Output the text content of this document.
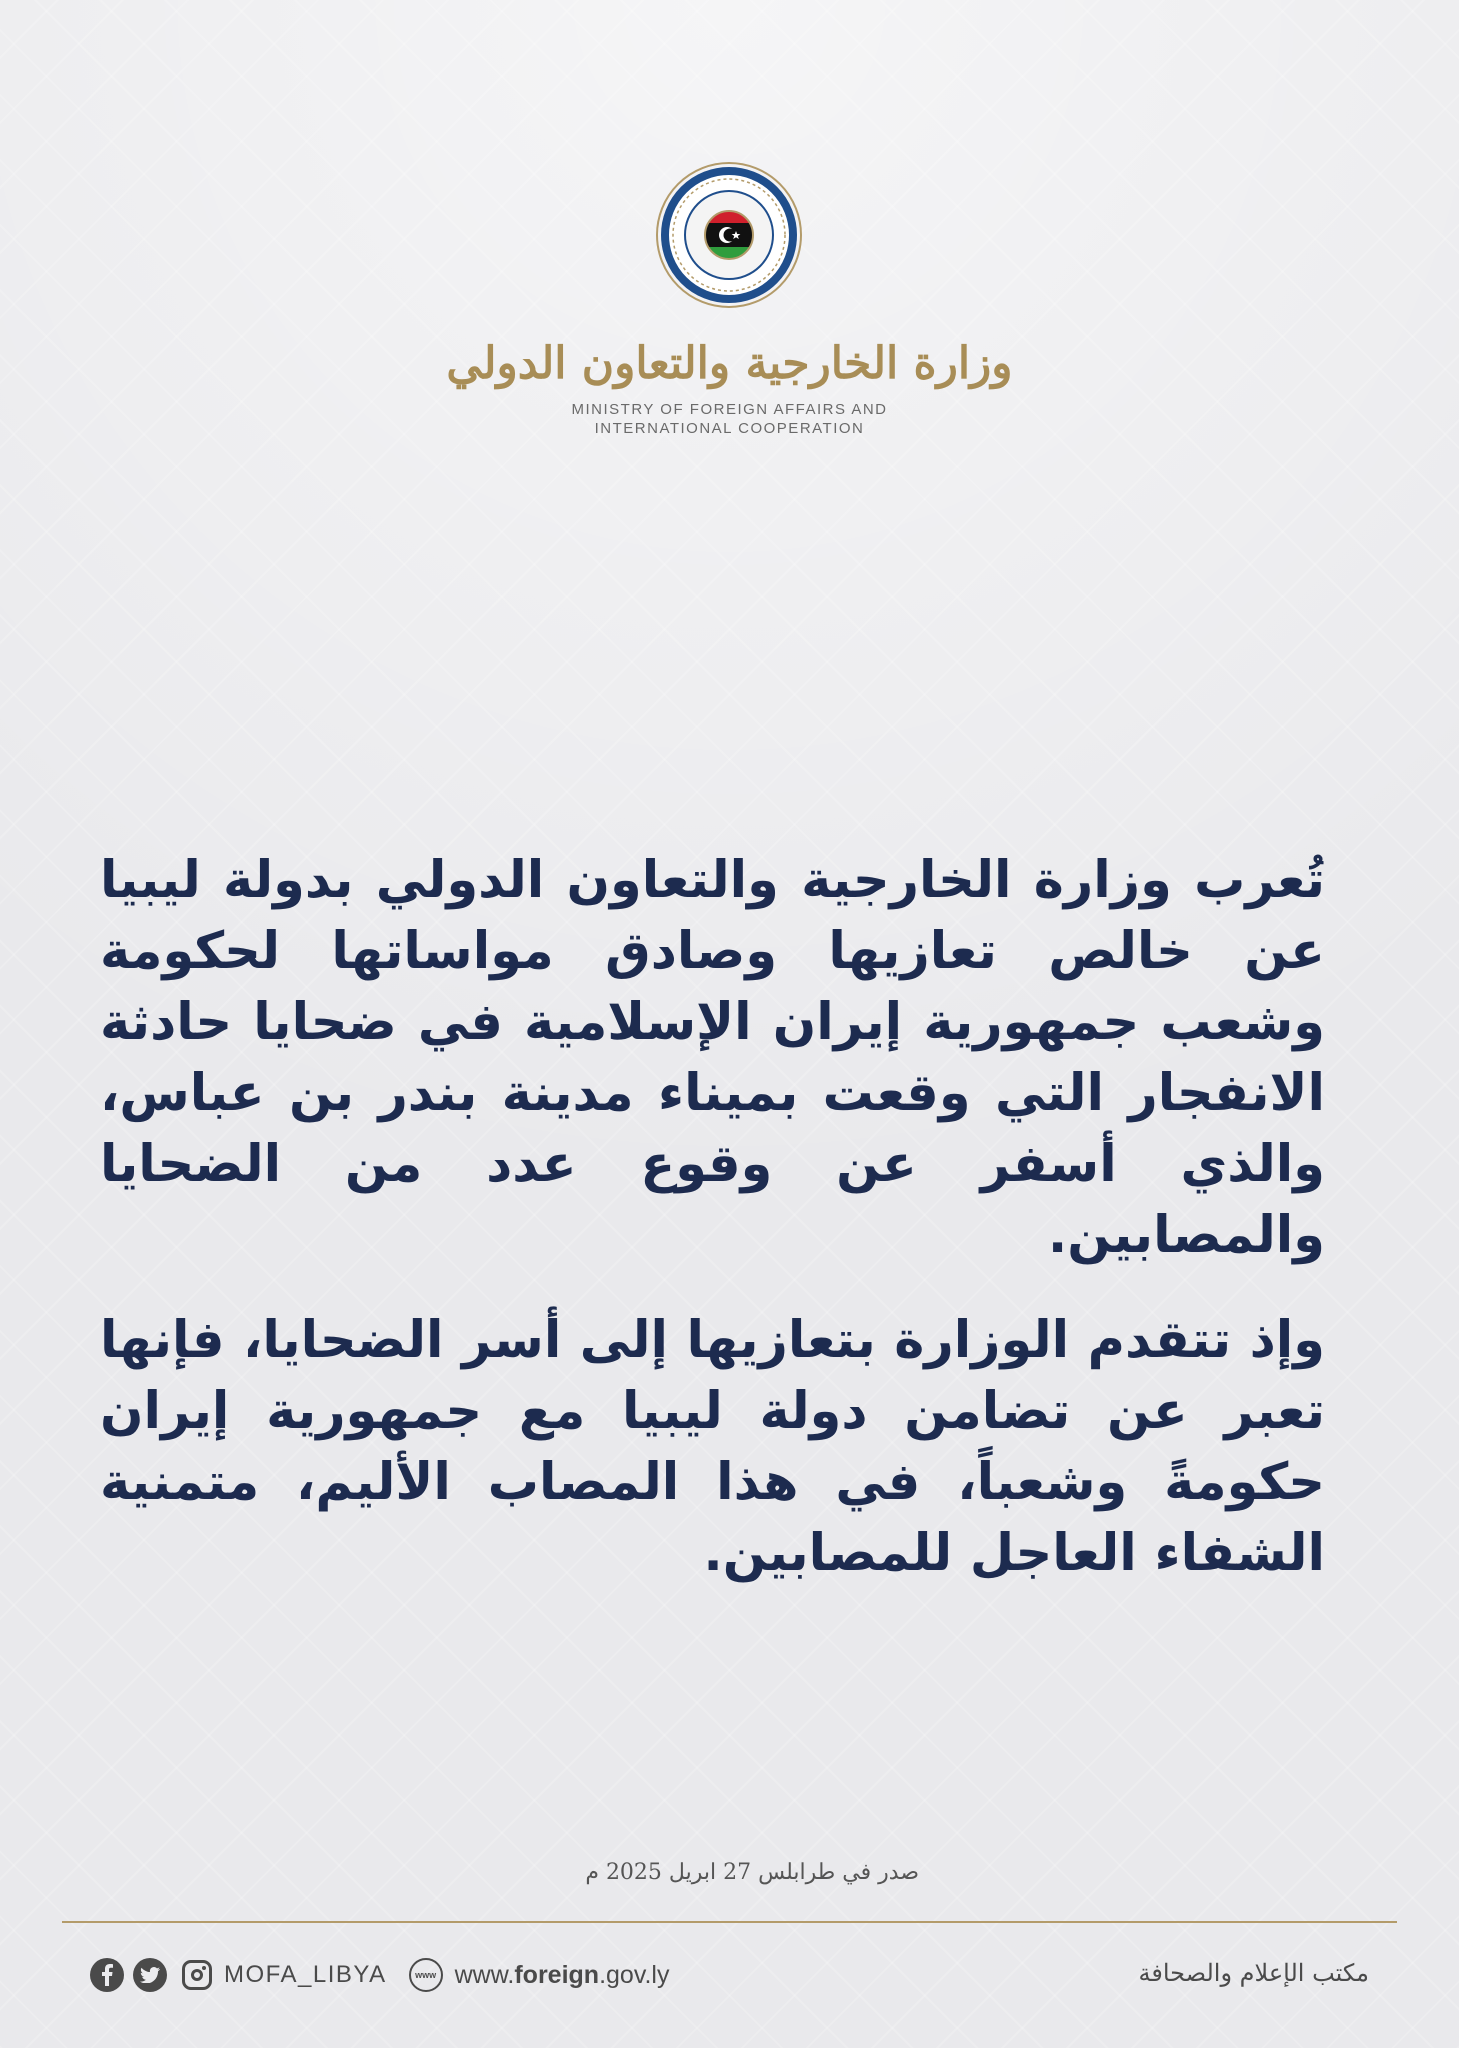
وزارة الخارجية والتعاون الدولي
MINISTRY OF FOREIGN AFFAIRS AND
INTERNATIONAL COOPERATION

تُعرب وزارة الخارجية والتعاون الدولي بدولة ليبيا عن خالص تعازيها وصادق مواساتها لحكومة وشعب جمهورية إيران الإسلامية في ضحايا حادثة الانفجار التي وقعت بميناء مدينة بندر بن عباس، والذي أسفر عن وقوع عدد من الضحايا والمصابين.

وإذ تتقدم الوزارة بتعازيها إلى أسر الضحايا، فإنها تعبر عن تضامن دولة ليبيا مع جمهورية إيران حكومةً وشعباً، في هذا المصاب الأليم، متمنية الشفاء العاجل للمصابين.

صدر في طرابلس 27 ابريل 2025 م
MOFA_LIBYA	www www.foreign.gov.ly	مكتب الإعلام والصحافة
